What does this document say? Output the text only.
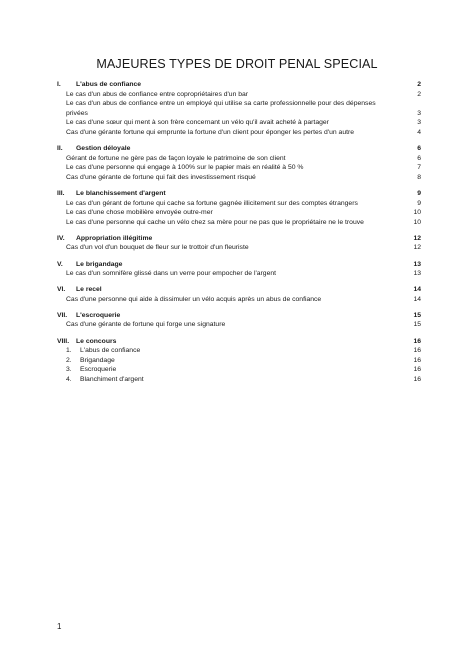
MAJEURES TYPES DE DROIT PENAL SPECIAL
I.	L'abus de confiance	2
Le cas d'un abus de confiance entre copropriétaires d'un bar	2
Le cas d'un abus de confiance entre un employé qui utilise sa carte professionnelle pour des dépenses
privées	3
Le cas d'une sœur qui ment à son frère concernant un vélo qu'il avait acheté à partager	3
Cas d'une gérante fortune qui emprunte la fortune d'un client pour éponger les pertes d'un autre	4
II.	Gestion déloyale	6
Gérant de fortune ne gère pas de façon loyale le patrimoine de son client	6
Le cas d'une personne qui engage à 100% sur le papier mais en réalité à 50 %	7
Cas d'une gérante de fortune qui fait des investissement risqué	8
III.	Le blanchissement d'argent	9
Le cas d'un gérant de fortune qui cache sa fortune gagnée illicitement sur des comptes étrangers	9
Le cas d'une chose mobilière envoyée outre-mer	10
Le cas d'une personne qui cache un vélo chez sa mère pour ne pas que le propriétaire ne le trouve	10
IV.	Appropriation illégitime	12
Cas d'un vol d'un bouquet de fleur sur le trottoir d'un fleuriste	12
V.	Le brigandage	13
Le cas d'un somnifère glissé dans un verre pour empocher de l'argent	13
VI.	Le recel	14
Cas d'une personne qui aide à dissimuler un vélo acquis après un abus de confiance	14
VII.	L'escroquerie	15
Cas d'une gérante de fortune qui forge une signature	15
VIII.	Le concours	16
1.	L'abus de confiance	16
2.	Brigandage	16
3.	Escroquerie	16
4.	Blanchiment d'argent	16
1
